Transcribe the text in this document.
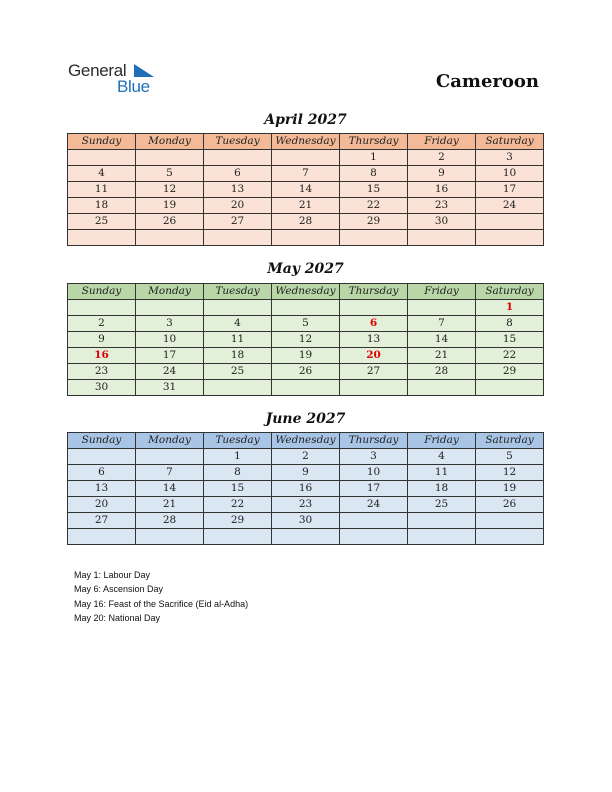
General
Blue	Cameroon
April 2027
Sunday	Monday	Tuesday	Wednesday	Thursday	Friday	Saturday
				1	2	3
4	5	6	7	8	9	10
11	12	13	14	15	16	17
18	19	20	21	22	23	24
25	26	27	28	29	30	

May 2027
Sunday	Monday	Tuesday	Wednesday	Thursday	Friday	Saturday
						1
2	3	4	5	6	7	8
9	10	11	12	13	14	15
16	17	18	19	20	21	22
23	24	25	26	27	28	29
30	31					
June 2027
Sunday	Monday	Tuesday	Wednesday	Thursday	Friday	Saturday
		1	2	3	4	5
6	7	8	9	10	11	12
13	14	15	16	17	18	19
20	21	22	23	24	25	26
27	28	29	30			

May 1: Labour Day
May 6: Ascension Day
May 16: Feast of the Sacrifice (Eid al-Adha)
May 20: National Day
